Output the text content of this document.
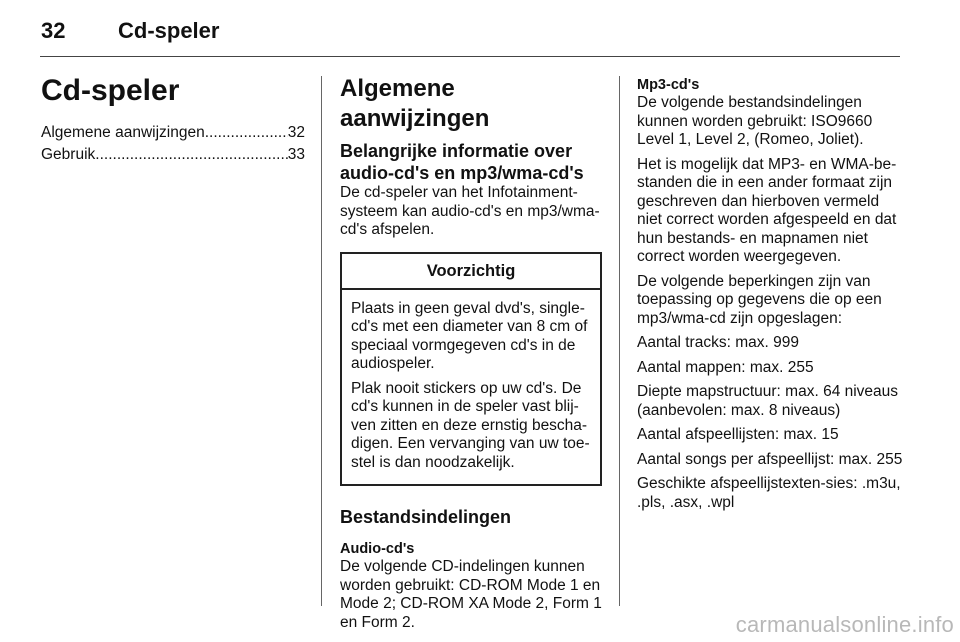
32 Cd-speler
Cd-speler
Algemene aanwijzingen .....	32
Gebruik .....	33
Algemene aanwijzingen
Belangrijke informatie over audio-cd's en mp3/wma-cd's

De cd-speler van het Infotainment-systeem kan audio-cd's en mp3/wma-cd's afspelen.

Voorzichtig

Plaats in geen geval dvd's, single-cd's met een diameter van 8 cm of speciaal vormgegeven cd's in de audiospeler.

Plak nooit stickers op uw cd's. De cd's kunnen in de speler vast blij-ven zitten en deze ernstig bescha-digen. Een vervanging van uw toe-stel is dan noodzakelijk.

Bestandsindelingen

Audio-cd's

De volgende CD-indelingen kunnen worden gebruikt: CD-ROM Mode 1 en Mode 2; CD-ROM XA Mode 2, Form 1 en Form 2.

Mp3-cd's

De volgende bestandsindelingen kunnen worden gebruikt: ISO9660 Level 1, Level 2, (Romeo, Joliet).

Het is mogelijk dat MP3- en WMA-be-standen die in een ander formaat zijn geschreven dan hierboven vermeld niet correct worden afgespeeld en dat hun bestands- en mapnamen niet correct worden weergegeven.

De volgende beperkingen zijn van toepassing op gegevens die op een mp3/wma-cd zijn opgeslagen:

Aantal tracks: max. 999

Aantal mappen: max. 255

Diepte mapstructuur: max. 64 niveaus (aanbevolen: max. 8 niveaus)

Aantal afspeellijsten: max. 15

Aantal songs per afspeellijst: max. 255

Geschikte afspeellijstexten-sies: .m3u, .pls, .asx, .wpl

carmanualsonline.info
